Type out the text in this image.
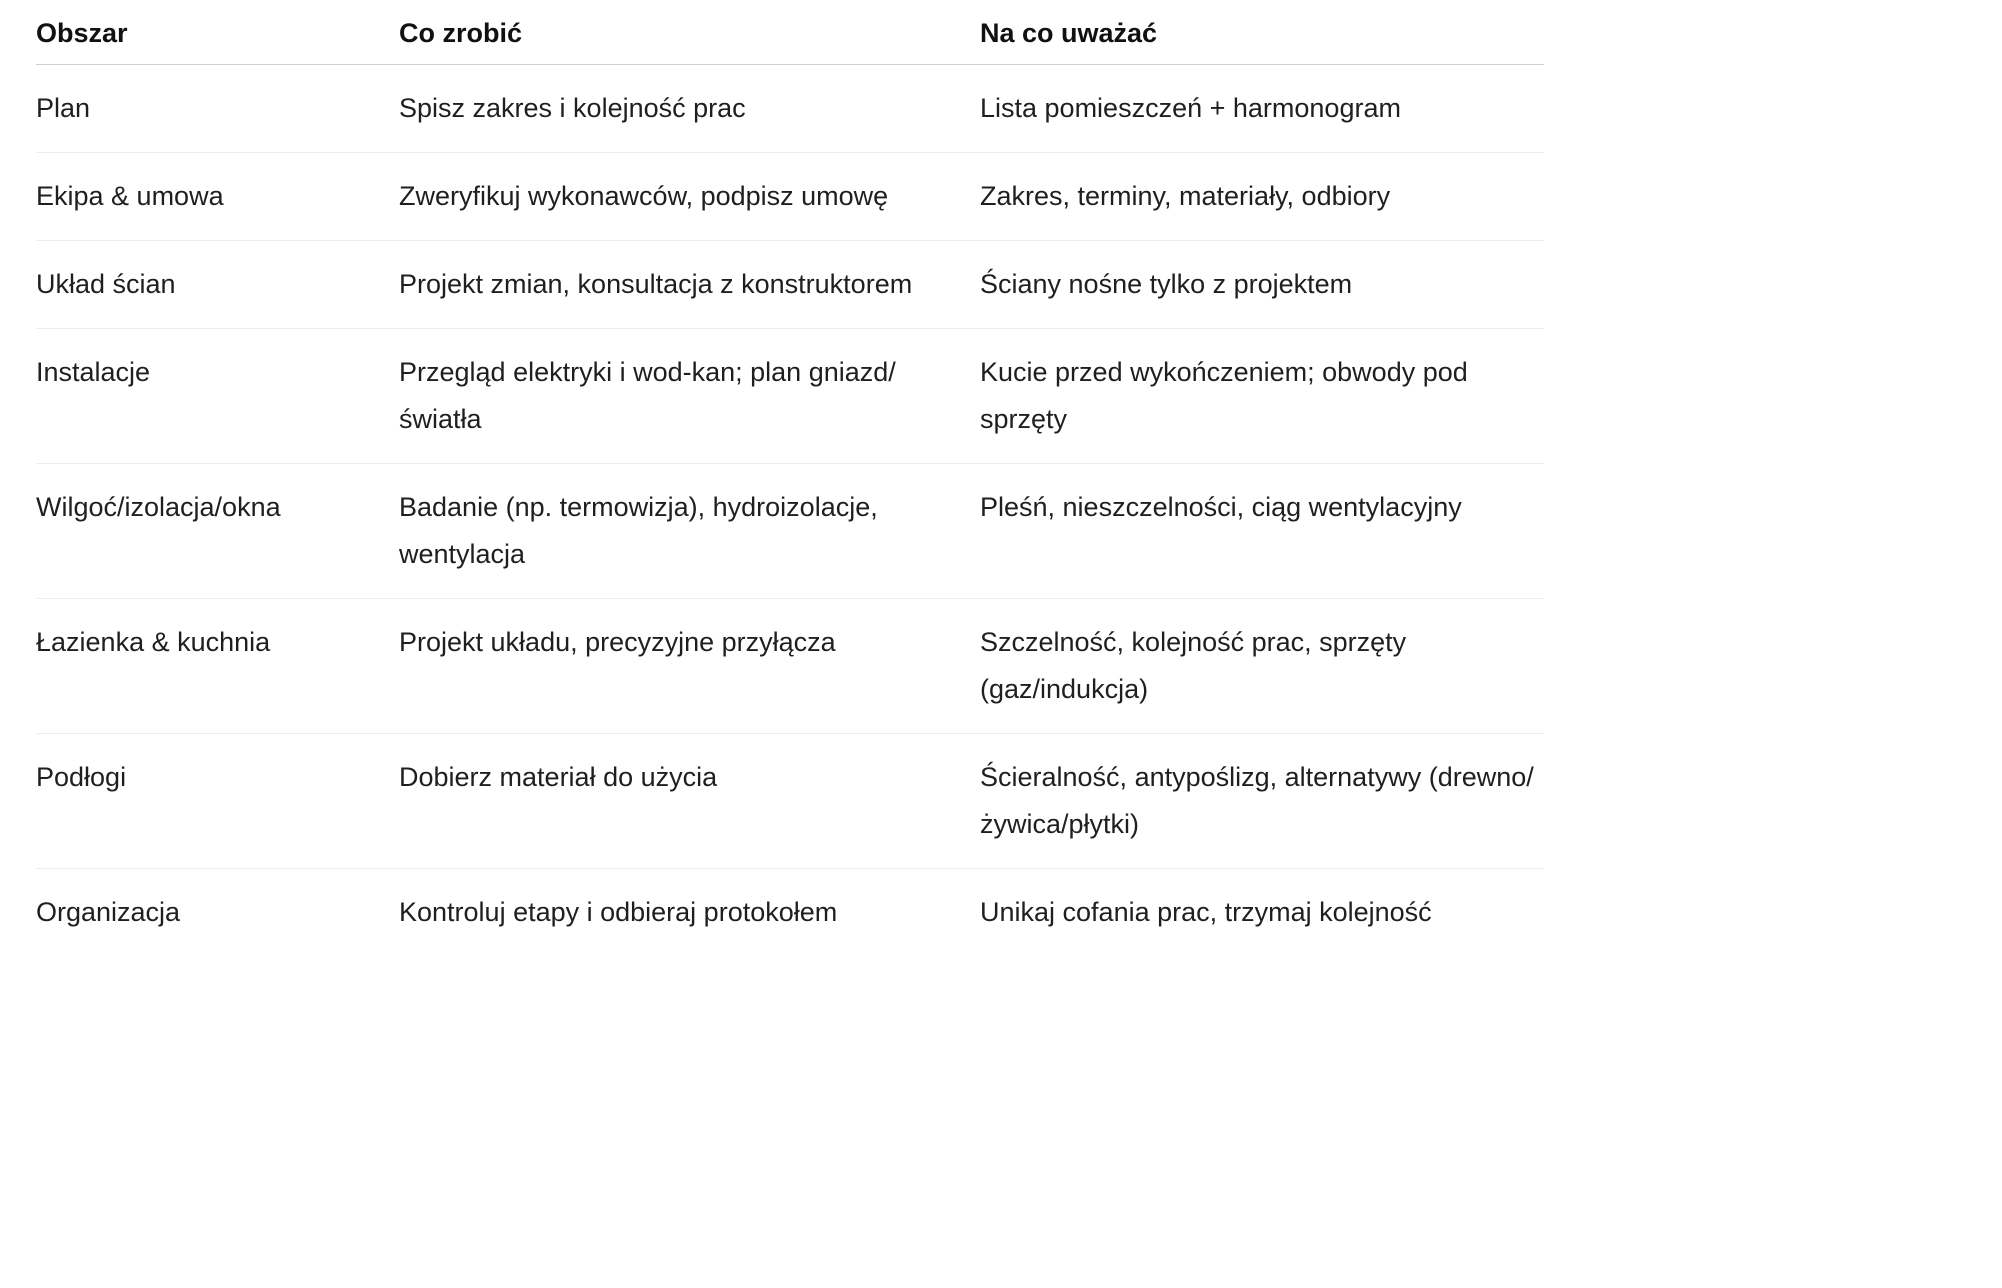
Obszar	Co zrobić	Na co uważać
Plan	Spisz zakres i kolejność prac	Lista pomieszczeń + harmonogram
Ekipa & umowa	Zweryfikuj wykonawców, podpisz umowę	Zakres, terminy, materiały, odbiory
Układ ścian	Projekt zmian, konsultacja z konstruktorem	Ściany nośne tylko z projektem
Instalacje	Przegląd elektryki i wod-kan; plan gniazd/światła	Kucie przed wykończeniem; obwody pod sprzęty
Wilgoć/izolacja/okna	Badanie (np. termowizja), hydroizolacje, wentylacja	Pleśń, nieszczelności, ciąg wentylacyjny
Łazienka & kuchnia	Projekt układu, precyzyjne przyłącza	Szczelność, kolejność prac, sprzęty (gaz/indukcja)
Podłogi	Dobierz materiał do użycia	Ścieralność, antypoślizg, alternatywy (drewno/żywica/płytki)
Organizacja	Kontroluj etapy i odbieraj protokołem	Unikaj cofania prac, trzymaj kolejność
